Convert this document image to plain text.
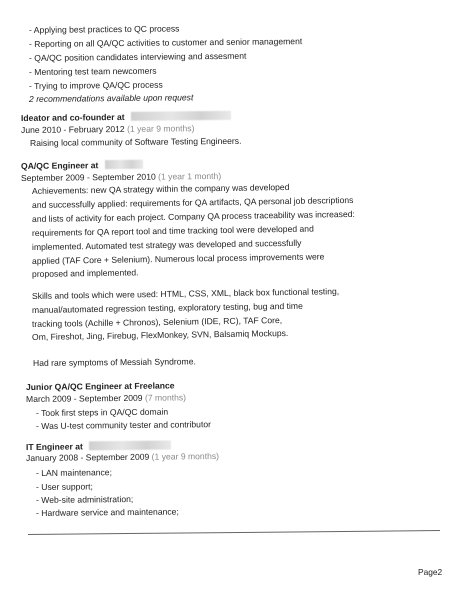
- Applying best practices to QC process
- Reporting on all QA/QC activities to customer and senior management
- QA/QC position candidates interviewing and assesment
- Mentoring test team newcomers
- Trying to improve QA/QC process
2 recommendations available upon request
Ideator and co-founder at
June 2010 - February 2012 (1 year 9 months)
Raising local community of Software Testing Engineers.
QA/QC Engineer at
September 2009 - September 2010 (1 year 1 month)
Achievements: new QA strategy within the company was developed
and successfully applied: requirements for QA artifacts, QA personal job descriptions
and lists of activity for each project. Company QA process traceability was increased:
requirements for QA report tool and time tracking tool were developed and
implemented. Automated test strategy was developed and successfully
applied (TAF Core + Selenium). Numerous local process improvements were
proposed and implemented.
Skills and tools which were used: HTML, CSS, XML, black box functional testing,
manual/automated regression testing, exploratory testing, bug and time
tracking tools (Achille + Chronos), Selenium (IDE, RC), TAF Core,
Om, Fireshot, Jing, Firebug, FlexMonkey, SVN, Balsamiq Mockups.
Had rare symptoms of Messiah Syndrome.
Junior QA/QC Engineer at Freelance
March 2009 - September 2009 (7 months)
- Took first steps in QA/QC domain
- Was U-test community tester and contributor
IT Engineer at
January 2008 - September 2009 (1 year 9 months)
- LAN maintenance;
- User support;
- Web-site administration;
- Hardware service and maintenance;
Page2
